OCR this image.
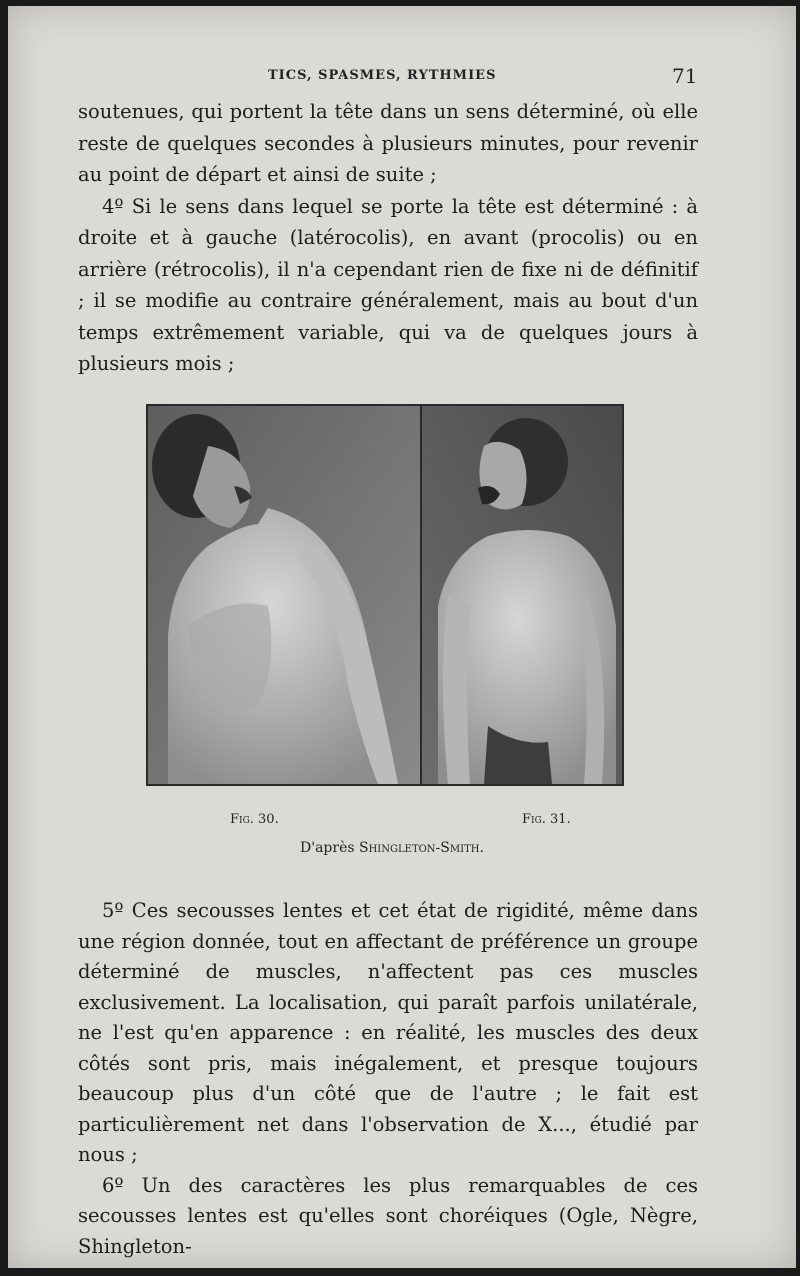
TICS, SPASMES, RYTHMIES	71

soutenues, qui portent la tête dans un sens déterminé, où elle reste de quelques secondes à plusieurs minutes, pour revenir au point de départ et ainsi de suite ;

4º Si le sens dans lequel se porte la tête est déterminé : à droite et à gauche (latérocolis), en avant (procolis) ou en arrière (rétrocolis), il n'a cependant rien de fixe ni de définitif ; il se modifie au contraire généralement, mais au bout d'un temps extrêmement variable, qui va de quelques jours à plusieurs mois ;

Fig. 30.	Fig. 31.
D'après Shingleton-Smith.

5º Ces secousses lentes et cet état de rigidité, même dans une région donnée, tout en affectant de préférence un groupe déterminé de muscles, n'affectent pas ces muscles exclusivement. La localisation, qui paraît parfois unilatérale, ne l'est qu'en apparence : en réalité, les muscles des deux côtés sont pris, mais inégalement, et presque toujours beaucoup plus d'un côté que de l'autre ; le fait est particulièrement net dans l'observation de X..., étudié par nous ;

6º Un des caractères les plus remarquables de ces secousses lentes est qu'elles sont choréiques (Ogle, Nègre, Shingleton-
